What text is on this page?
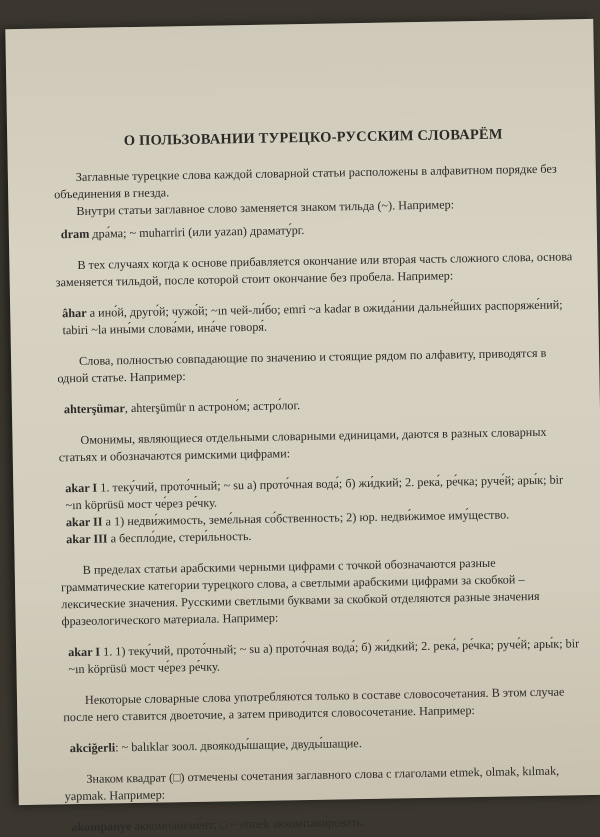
О ПОЛЬЗОВАНИИ ТУРЕЦКО-РУССКИМ СЛОВАРЁМ

Заглавные турецкие слова каждой словарной статьи расположены в алфавитном порядке без объединения в гнезда.

Внутри статьи заглавное слово заменяется знаком тильда (~). Например:

dram дра́ма; ~ muharriri (или yazan) драмату́рг.

В тех случаях когда к основе прибавляется окончание или вторая часть сложного слова, основа заменяется тильдой, после которой стоит окончание без пробела. Например:

âhar а ино́й, друго́й; чужо́й; ~ın чей-ли́бо; emri ~a kadar в ожида́нии дальне́йших распоряже́ний; tabiri ~la ины́ми слова́ми, ина́че говоря́.

Слова, полностью совпадающие по значению и стоящие рядом по алфавиту, приводятся в одной статье. Например:

ahterşümar, ahterşümür n астроно́м; астро́лог.

Омонимы, являющиеся отдельными словарными единицами, даются в разных словарных статьях и обозначаются римскими цифрами:

akar I 1. теку́чий, прото́чный; ~ su а) прото́чная вода́; б) жи́дкий; 2. река́, ре́чка; руче́й; ары́к; bir ~ın köprüsü мост че́рез ре́чку.

akar II а 1) недви́жимость, земе́льная со́бственность; 2) юр. недви́жимое иму́щество.

akar III а беспло́дие, стери́льность.

В пределах статьи арабскими черными цифрами с точкой обозначаются разные грамматические категории турецкого слова, а светлыми арабскими цифрами за скобкой – лексические значения. Русскими светлыми буквами за скобкой отделяются разные значения фразеологического материала. Например:

akar I 1. 1) теку́чий, прото́чный; ~ su а) прото́чная вода́; б) жи́дкий; 2. река́, ре́чка; руче́й; ары́к; bir ~ın köprüsü мост че́рез ре́чку.

Некоторые словарные слова употребляются только в составе словосочетания. В этом случае после него ставится двоеточие, а затем приводится словосочетание. Например:

akciğerli: ~ balıklar зоол. двоякоды́шащие, двуды́шащие.

Знаком квадрат (□) отмечены сочетания заглавного слова с глаголами etmek, olmak, kılmak, yapmak. Например:

akompanye аккомпанеме́нт; □ ~ etmek аккомпани́ровать.
